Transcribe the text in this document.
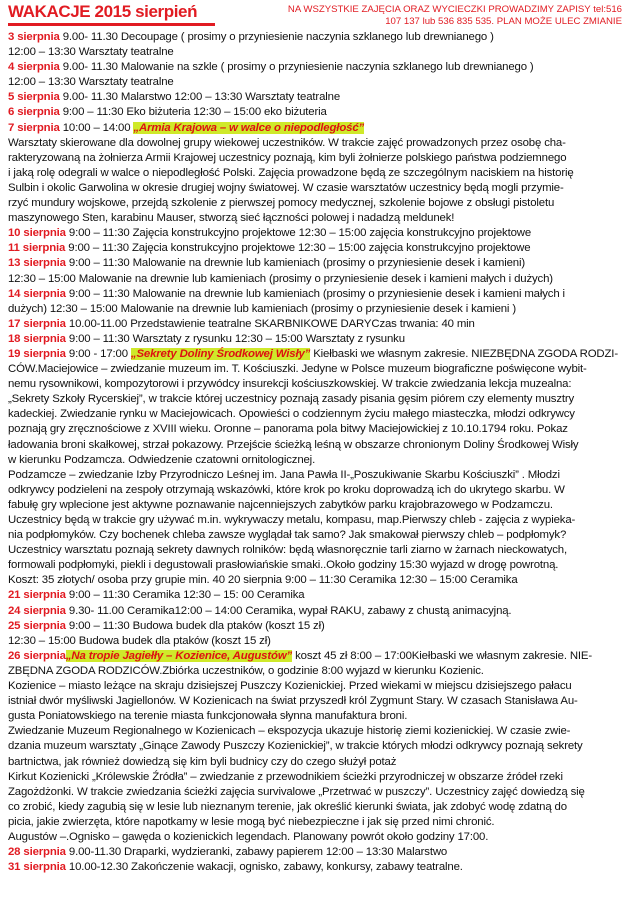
WAKACJE 2015 sierpień	NA WSZYSTKIE ZAJĘCIA ORAZ WYCIECZKI PROWADZIMY ZAPISY tel:516 107 137 lub 536 835 535. PLAN MOŻE ULEC ZMIANIE

3 sierpnia 9.00- 11.30 Decoupage ( prosimy o przyniesienie naczynia szklanego lub drewnianego )

12:00 – 13:30 Warsztaty teatralne

4 sierpnia 9.00- 11.30 Malowanie na szkle ( prosimy o przyniesienie naczynia szklanego lub drewnianego )

12:00 – 13:30 Warsztaty teatralne

5 sierpnia 9.00- 11.30 Malarstwo 12:00 – 13:30 Warsztaty teatralne

6 sierpnia 9:00 – 11:30 Eko biżuteria 12:30 – 15:00 eko biżuteria

7 sierpnia 10:00 – 14:00 „Armia Krajowa – w walce o niepodległość”

Warsztaty skierowane dla dowolnej grupy wiekowej uczestników. W trakcie zajęć prowadzonych przez osobę cha-

rakteryzowaną na żołnierza Armii Krajowej uczestnicy poznają, kim byli żołnierze polskiego państwa podziemnego

i jaką rolę odegrali w walce o niepodległość Polski. Zajęcia prowadzone będą ze szczególnym naciskiem na historię

Sulbin i okolic Garwolina w okresie drugiej wojny światowej. W czasie warsztatów uczestnicy będą mogli przymie-

rzyć mundury wojskowe, przejdą szkolenie z pierwszej pomocy medycznej, szkolenie bojowe z obsługi pistoletu

maszynowego Sten, karabinu Mauser, stworzą sieć łączności polowej i nadadzą meldunek!

10 sierpnia 9:00 – 11:30 Zajęcia konstrukcyjno projektowe 12:30 – 15:00 zajęcia konstrukcyjno projektowe

11 sierpnia 9:00 – 11:30 Zajęcia konstrukcyjno projektowe 12:30 – 15:00 zajęcia konstrukcyjno projektowe

13 sierpnia 9:00 – 11:30 Malowanie na drewnie lub kamieniach (prosimy o przyniesienie desek i kamieni)

12:30 – 15:00 Malowanie na drewnie lub kamieniach (prosimy o przyniesienie desek i kamieni małych i dużych)

14 sierpnia 9:00 – 11:30 Malowanie na drewnie lub kamieniach (prosimy o przyniesienie desek i kamieni małych i

dużych) 12:30 – 15:00 Malowanie na drewnie lub kamieniach (prosimy o przyniesienie desek i kamieni )

17 sierpnia 10.00-11.00 Przedstawienie teatralne SKARBNIKOWE DARYCzas trwania: 40 min

18 sierpnia 9:00 – 11:30 Warsztaty z rysunku 12:30 – 15:00 Warsztaty z rysunku

19 sierpnia 9:00 - 17:00 „Sekrety Doliny Środkowej Wisły” Kiełbaski we własnym zakresie. NIEZBĘDNA ZGODA RODZI-

CÓW.Maciejowice – zwiedzanie muzeum im. T. Kościuszki. Jedyne w Polsce muzeum biograficzne poświęcone wybit-

nemu rysownikowi, kompozytorowi i przywódcy insurekcji kościuszkowskiej. W trakcie zwiedzania lekcja muzealna:

„Sekrety Szkoły Rycerskiej”, w trakcie której uczestnicy poznają zasady pisania gęsim piórem czy elementy musztry

kadeckiej. Zwiedzanie rynku w Maciejowicach. Opowieści o codziennym życiu małego miasteczka, młodzi odkrywcy

poznają gry zręcznościowe z XVIII wieku. Oronne – panorama pola bitwy Maciejowickiej z 10.10.1794 roku. Pokaz

ładowania broni skałkowej, strzał pokazowy. Przejście ścieżką leśną w obszarze chronionym Doliny Środkowej Wisły

w kierunku Podzamcza. Odwiedzenie czatowni ornitologicznej.

Podzamcze – zwiedzanie Izby Przyrodniczo Leśnej im. Jana Pawła II-„Poszukiwanie Skarbu Kościuszki” . Młodzi

odkrywcy podzieleni na zespoły otrzymają wskazówki, które krok po kroku doprowadzą ich do ukrytego skarbu. W

fabułę gry wplecione jest aktywne poznawanie najcenniejszych zabytków parku krajobrazowego w Podzamczu.

Uczestnicy będą w trakcie gry używać m.in. wykrywaczy metalu, kompasu, map.Pierwszy chleb - zajęcia z wypieka-

nia podpłomyków. Czy bochenek chleba zawsze wyglądał tak samo? Jak smakował pierwszy chleb – podpłomyk?

Uczestnicy warsztatu poznają sekrety dawnych rolników: będą własnoręcznie tarli ziarno w żarnach nieckowatych,

formowali podpłomyki, piekli i degustowali prasłowiańskie smaki..Około godziny 15:30 wyjazd w drogę powrotną.

Koszt: 35 złotych/ osoba przy grupie min. 40 20 sierpnia 9:00 – 11:30 Ceramika 12:30 – 15:00 Ceramika

21 sierpnia 9:00 – 11:30 Ceramika 12:30 – 15: 00 Ceramika

24 sierpnia 9.30- 11.00 Ceramika12:00 – 14:00 Ceramika, wypał RAKU, zabawy z chustą animacyjną.

25 sierpnia 9:00 – 11:30 Budowa budek dla ptaków (koszt 15 zł)

12:30 – 15:00 Budowa budek dla ptaków (koszt 15 zł)

26 sierpnia„Na tropie Jagiełły – Kozienice, Augustów” koszt 45 zł 8:00 – 17:00Kiełbaski we własnym zakresie. NIE-

ZBĘDNA ZGODA RODZICÓW.Zbiórka uczestników, o godzinie 8:00 wyjazd w kierunku Kozienic.

Kozienice – miasto leżące na skraju dzisiejszej Puszczy Kozienickiej. Przed wiekami w miejscu dzisiejszego pałacu

istniał dwór myśliwski Jagiellonów. W Kozienicach na świat przyszedł król Zygmunt Stary. W czasach Stanisława Au-

gusta Poniatowskiego na terenie miasta funkcjonowała słynna manufaktura broni.

Zwiedzanie Muzeum Regionalnego w Kozienicach – ekspozycja ukazuje historię ziemi kozienickiej. W czasie zwie-

dzania muzeum warsztaty „Ginące Zawody Puszczy Kozienickiej”, w trakcie których młodzi odkrywcy poznają sekrety

bartnictwa, jak również dowiedzą się kim byli budnicy czy do czego służył potaż

Kirkut Kozienicki „Królewskie Źródła” – zwiedzanie z przewodnikiem ścieżki przyrodniczej w obszarze źródeł rzeki

Zagożdżonki. W trakcie zwiedzania ścieżki zajęcia survivalowe „Przetrwać w puszczy”. Uczestnicy zajęć dowiedzą się

co zrobić, kiedy zagubią się w lesie lub nieznanym terenie, jak określić kierunki świata, jak zdobyć wodę zdatną do

picia, jakie zwierzęta, które napotkamy w lesie mogą być niebezpieczne i jak się przed nimi chronić.

Augustów –.Ognisko – gawęda o kozienickich legendach. Planowany powrót około godziny 17:00.

28 sierpnia 9.00-11.30 Draparki, wydzieranki, zabawy papierem 12:00 – 13:30 Malarstwo

31 sierpnia 10.00-12.30 Zakończenie wakacji, ognisko, zabawy, konkursy, zabawy teatralne.
